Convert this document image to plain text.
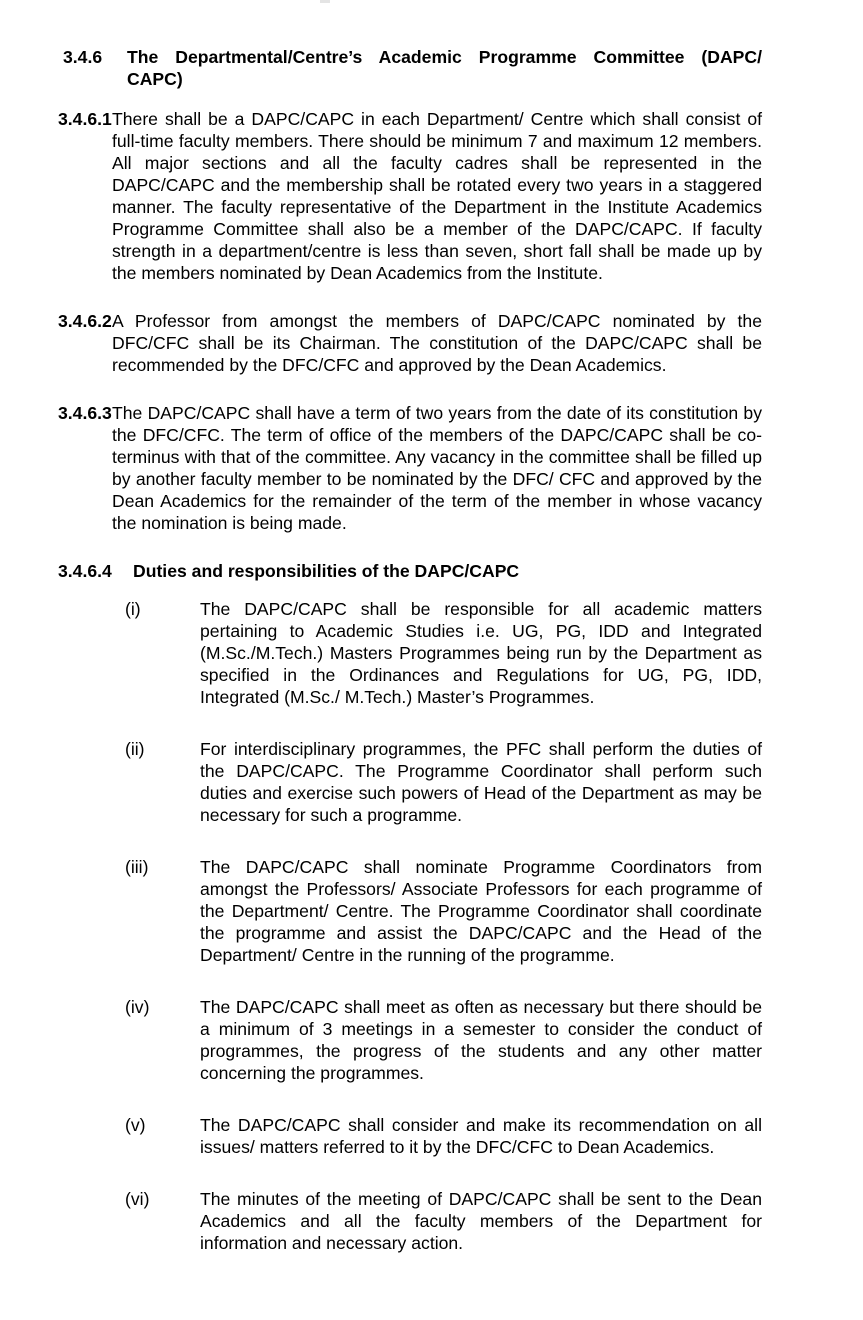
3.4.6	The Departmental/Centre’s Academic Programme Committee (DAPC/ CAPC)
3.4.6.1 There shall be a DAPC/CAPC in each Department/ Centre which shall consist of full-time faculty members. There should be minimum 7 and maximum 12 members. All major sections and all the faculty cadres shall be represented in the DAPC/CAPC and the membership shall be rotated every two years in a staggered manner. The faculty representative of the Department in the Institute Academics Programme Committee shall also be a member of the DAPC/CAPC. If faculty strength in a department/centre is less than seven, short fall shall be made up by the members nominated by Dean Academics from the Institute.
3.4.6.2 A Professor from amongst the members of DAPC/CAPC nominated by the DFC/CFC shall be its Chairman. The constitution of the DAPC/CAPC shall be recommended by the DFC/CFC and approved by the Dean Academics.
3.4.6.3 The DAPC/CAPC shall have a term of two years from the date of its constitution by the DFC/CFC. The term of office of the members of the DAPC/CAPC shall be co-terminus with that of the committee. Any vacancy in the committee shall be filled up by another faculty member to be nominated by the DFC/ CFC and approved by the Dean Academics for the remainder of the term of the member in whose vacancy the nomination is being made.
3.4.6.4	Duties and responsibilities of the DAPC/CAPC
(i)	The DAPC/CAPC shall be responsible for all academic matters pertaining to Academic Studies i.e. UG, PG, IDD and Integrated (M.Sc./M.Tech.) Masters Programmes being run by the Department as specified in the Ordinances and Regulations for UG, PG, IDD, Integrated (M.Sc./ M.Tech.) Master’s Programmes.
(ii)	For interdisciplinary programmes, the PFC shall perform the duties of the DAPC/CAPC. The Programme Coordinator shall perform such duties and exercise such powers of Head of the Department as may be necessary for such a programme.
(iii)	The DAPC/CAPC shall nominate Programme Coordinators from amongst the Professors/ Associate Professors for each programme of the Department/ Centre. The Programme Coordinator shall coordinate the programme and assist the DAPC/CAPC and the Head of the Department/ Centre in the running of the programme.
(iv)	The DAPC/CAPC shall meet as often as necessary but there should be a minimum of 3 meetings in a semester to consider the conduct of programmes, the progress of the students and any other matter concerning the programmes.
(v)	The DAPC/CAPC shall consider and make its recommendation on all issues/ matters referred to it by the DFC/CFC to Dean Academics.
(vi)	The minutes of the meeting of DAPC/CAPC shall be sent to the Dean Academics and all the faculty members of the Department for information and necessary action.
